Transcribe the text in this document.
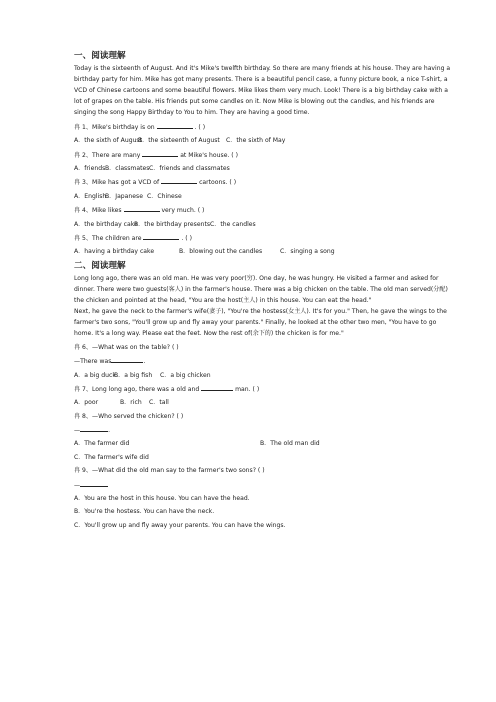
一、阅读理解

Today is the sixteenth of August. And it's Mike's twelfth birthday. So there are many friends at his house. They are having a birthday party for him. Mike has got many presents. There is a beautiful pencil case, a funny picture book, a nice T-shirt, a VCD of Chinese cartoons and some beautiful flowers. Mike likes them very much. Look! There is a big birthday cake with a lot of grapes on the table. His friends put some candles on it. Now Mike is blowing out the candles, and his friends are singing the song Happy Birthday to You to him. They are having a good time.

冉 1、Mike's birthday is on	. ( )
A．the sixth of AugustB．the sixteenth of August C．the sixth of May
冉 2、There are many	at Mike's house. ( )
A．friendsB．classmatesC．friends and classmates
冉 3、Mike has got a VCD of	cartoons. ( )
A．EnglishB．Japanese C．Chinese
冉 4、Mike likes	very much. ( )
A．the birthday cakeB．the birthday presentsC．the candles
冉 5、The children are	. ( )
A．having a birthday cake	B．blowing out the candles	C．singing a song
二、阅读理解

Long long ago, there was an old man. He was very poor(穷). One day, he was hungry. He visited a farmer and asked for dinner. There were two guests(客人) in the farmer's house. There was a big chicken on the table. The old man served(分配) the chicken and pointed at the head, "You are the host(主人) in this house. You can eat the head."

Next, he gave the neck to the farmer's wife(妻子), "You're the hostess(女主人). It's for you." Then, he gave the wings to the farmer's two sons, "You'll grow up and fly away your parents." Finally, he looked at the other two men, "You have to go home. It's a long way. Please eat the feet. Now the rest of(余下的) the chicken is for me."

冉 6、—What was on the table? ( )
—There was	.
A．a big duckB．a big fish C．a big chicken
冉 7、Long long ago, there was a old and	man. ( )
A．poor	B．rich C．tall
冉 8、—Who served the chicken? ( )
—	.
A．The farmer did	B．The old man did
C．The farmer's wife did
冉 9、—What did the old man say to the farmer's two sons? ( )
—
A．You are the host in this house. You can have the head.
B．You're the hostess. You can have the neck.
C．You'll grow up and fly away your parents. You can have the wings.
